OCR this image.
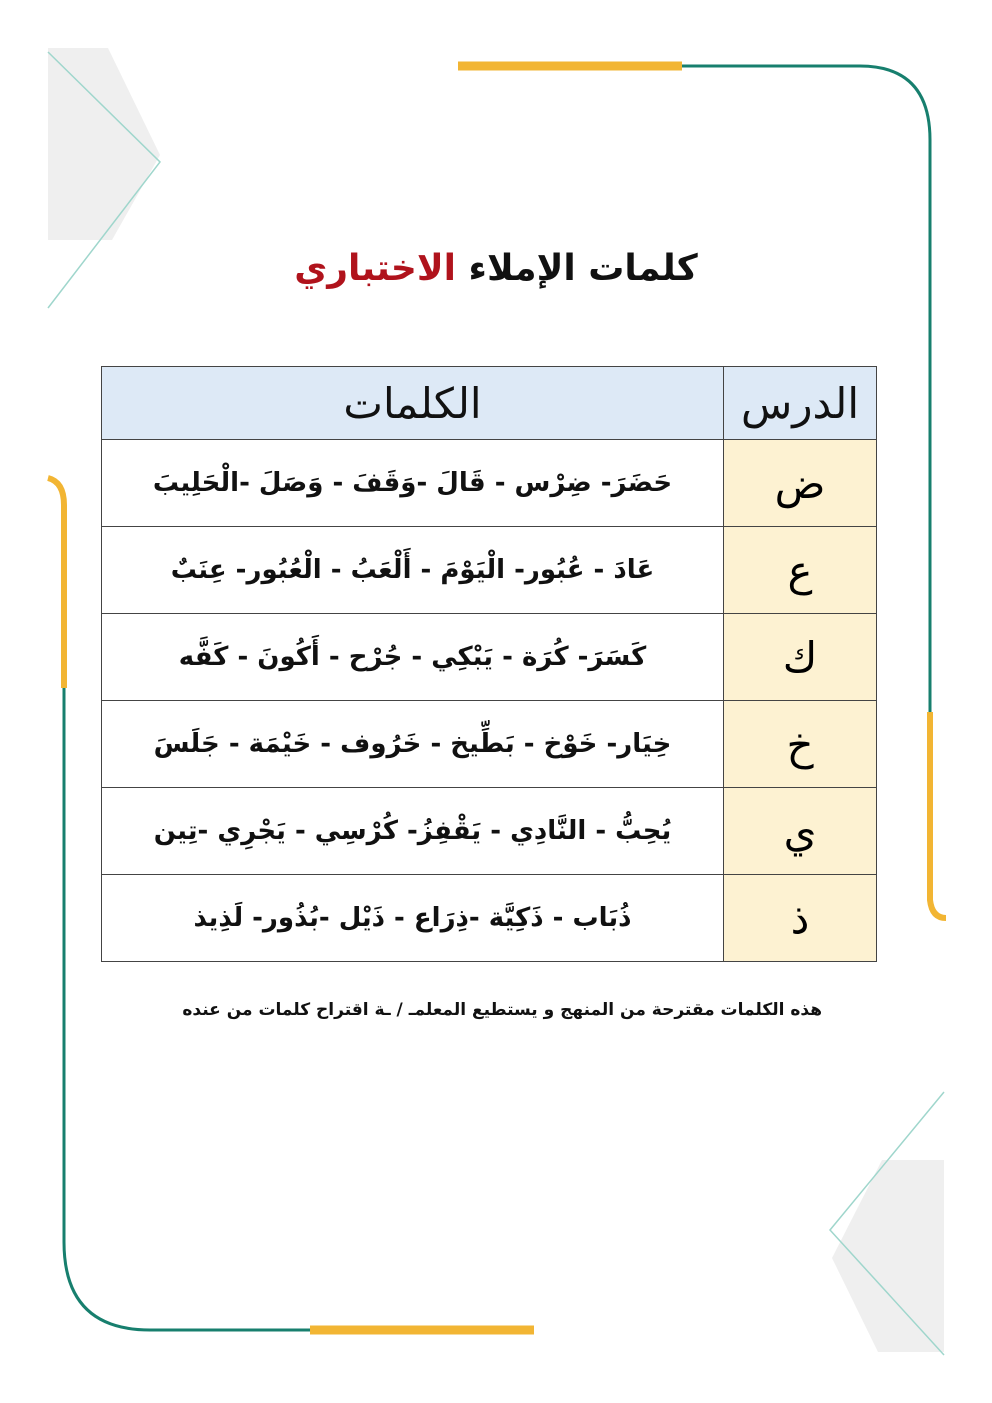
كلمات الإملاء الاختباري
الدرس	الكلمات
ض	حَضَرَ- ضِرْس - قَالَ -وَقَفَ - وَصَلَ -الْحَلِيبَ
ع	عَادَ - عُبُور- الْيَوْمَ - أَلْعَبُ - الْعُبُور- عِنَبٌ
ك	كَسَرَ- كُرَة - يَبْكِي - جُرْح - أَكُونَ - كَفَّه
خ	خِيَار- خَوْخ - بَطِّيخ - خَرُوف - خَيْمَة - جَلَسَ
ي	يُحِبُّ - النَّادِي - يَقْفِزُ- كُرْسِي - يَجْرِي -تِين
ذ	ذُبَاب - ذَكِيَّة -ذِرَاع - ذَيْل -بُذُور- لَذِيذ
هذه الكلمات مقترحة من المنهج و يستطيع المعلمـ / ـة اقتراح كلمات من عنده
